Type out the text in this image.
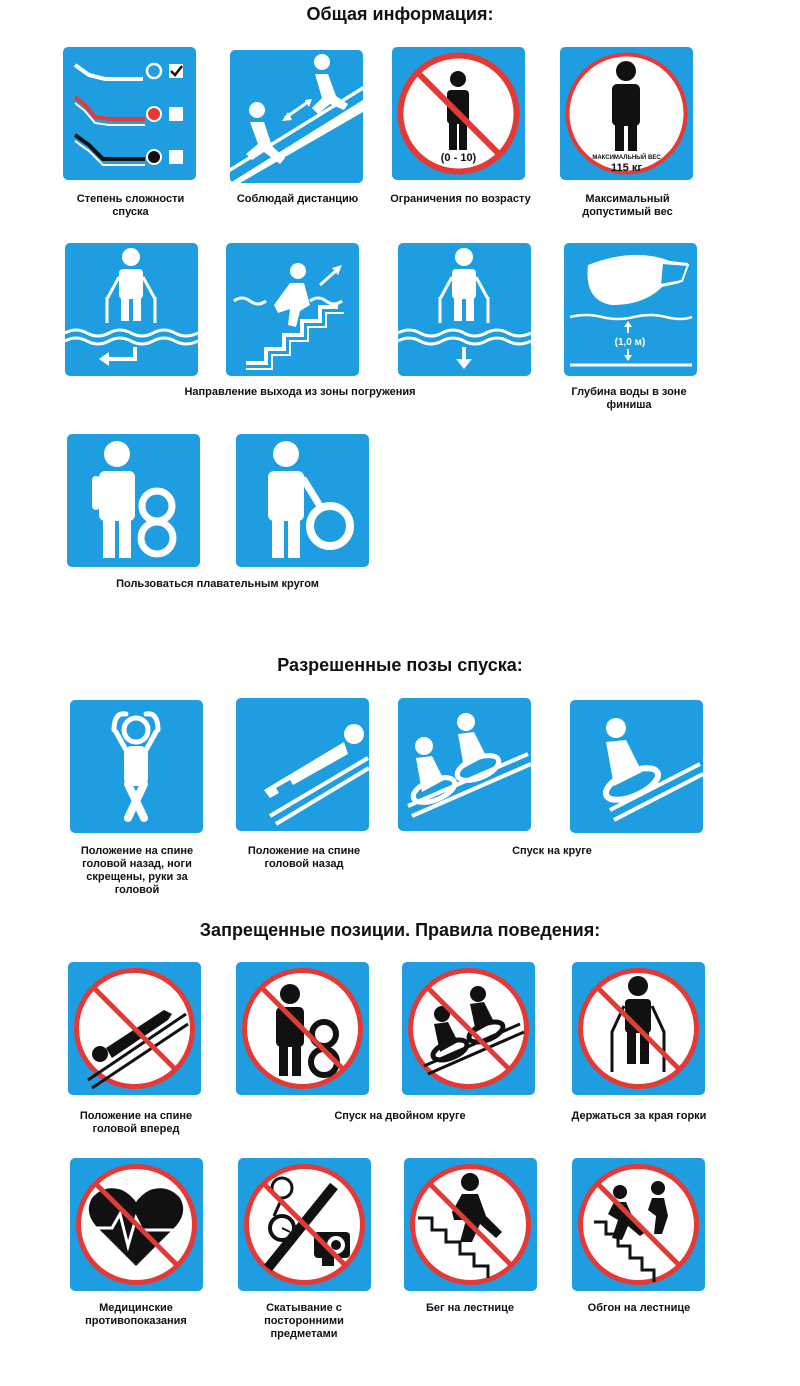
Общая информация:
Разрешенные позы спуска:
Запрещенные позиции. Правила поведения:
Степень сложности спуска
Соблюдай дистанцию
(0 - 10)
Ограничения по возрасту
МАКСИМАЛЬНЫЙ ВЕС
115 кг
Максимальный допустимый вес
(1,0 м)
Направление выхода из зоны погружения	Глубина воды в зоне финиша
Пользоваться плавательным кругом
Положение на спине головой назад, ноги скрещены, руки за головой
Положение на спине головой назад
Спуск на круге
Положение на спине головой вперед
Спуск на двойном круге	Держаться за края горки
Медицинские противопоказания
Скатывание с посторонними предметами
Бег на лестнице	Обгон на лестнице
